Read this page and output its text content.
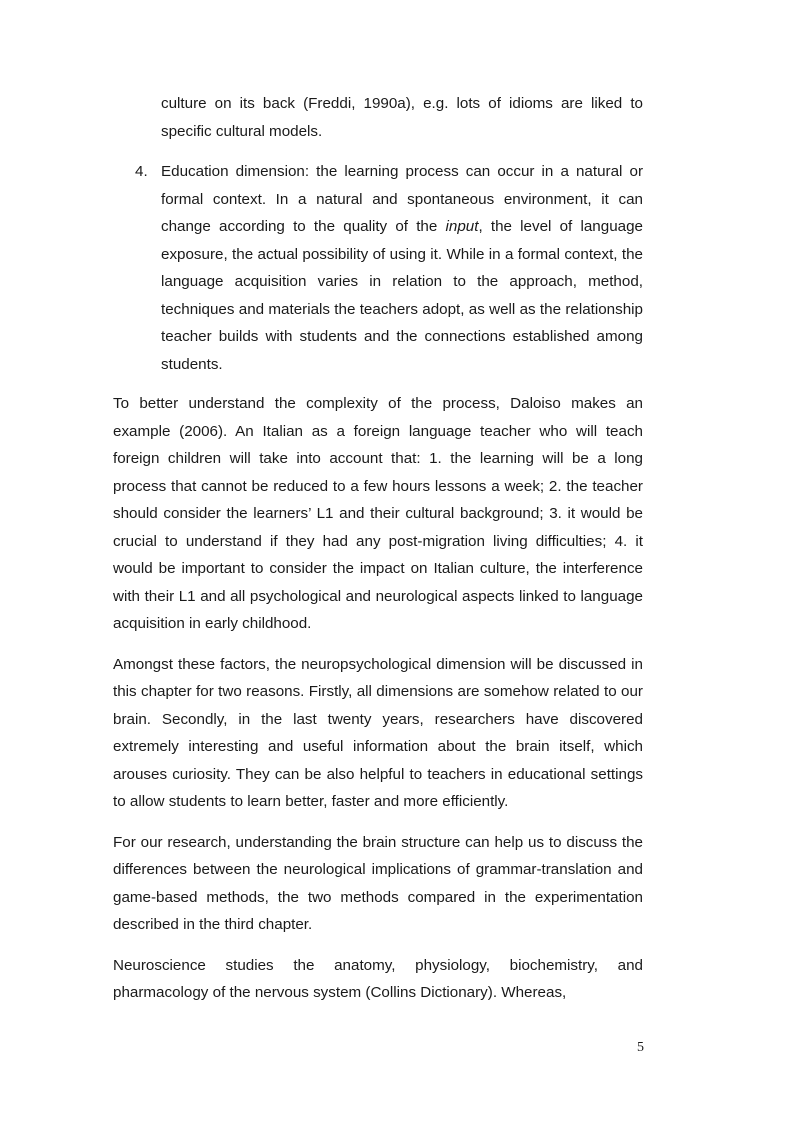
culture on its back (Freddi, 1990a), e.g. lots of idioms are liked to specific cultural models.

4. Education dimension: the learning process can occur in a natural or formal context. In a natural and spontaneous environment, it can change according to the quality of the input, the level of language exposure, the actual possibility of using it. While in a formal context, the language acquisition varies in relation to the approach, method, techniques and materials the teachers adopt, as well as the relationship teacher builds with students and the connections established among students.

To better understand the complexity of the process, Daloiso makes an example (2006). An Italian as a foreign language teacher who will teach foreign children will take into account that: 1. the learning will be a long process that cannot be reduced to a few hours lessons a week; 2. the teacher should consider the learners’ L1 and their cultural background; 3. it would be crucial to understand if they had any post-migration living difficulties; 4. it would be important to consider the impact on Italian culture, the interference with their L1 and all psychological and neurological aspects linked to language acquisition in early childhood.

Amongst these factors, the neuropsychological dimension will be discussed in this chapter for two reasons. Firstly, all dimensions are somehow related to our brain. Secondly, in the last twenty years, researchers have discovered extremely interesting and useful information about the brain itself, which arouses curiosity. They can be also helpful to teachers in educational settings to allow students to learn better, faster and more efficiently.

For our research, understanding the brain structure can help us to discuss the differences between the neurological implications of grammar-translation and game-based methods, the two methods compared in the experimentation described in the third chapter.

Neuroscience studies the anatomy, physiology, biochemistry, and pharmacology of the nervous system (Collins Dictionary). Whereas,

5
